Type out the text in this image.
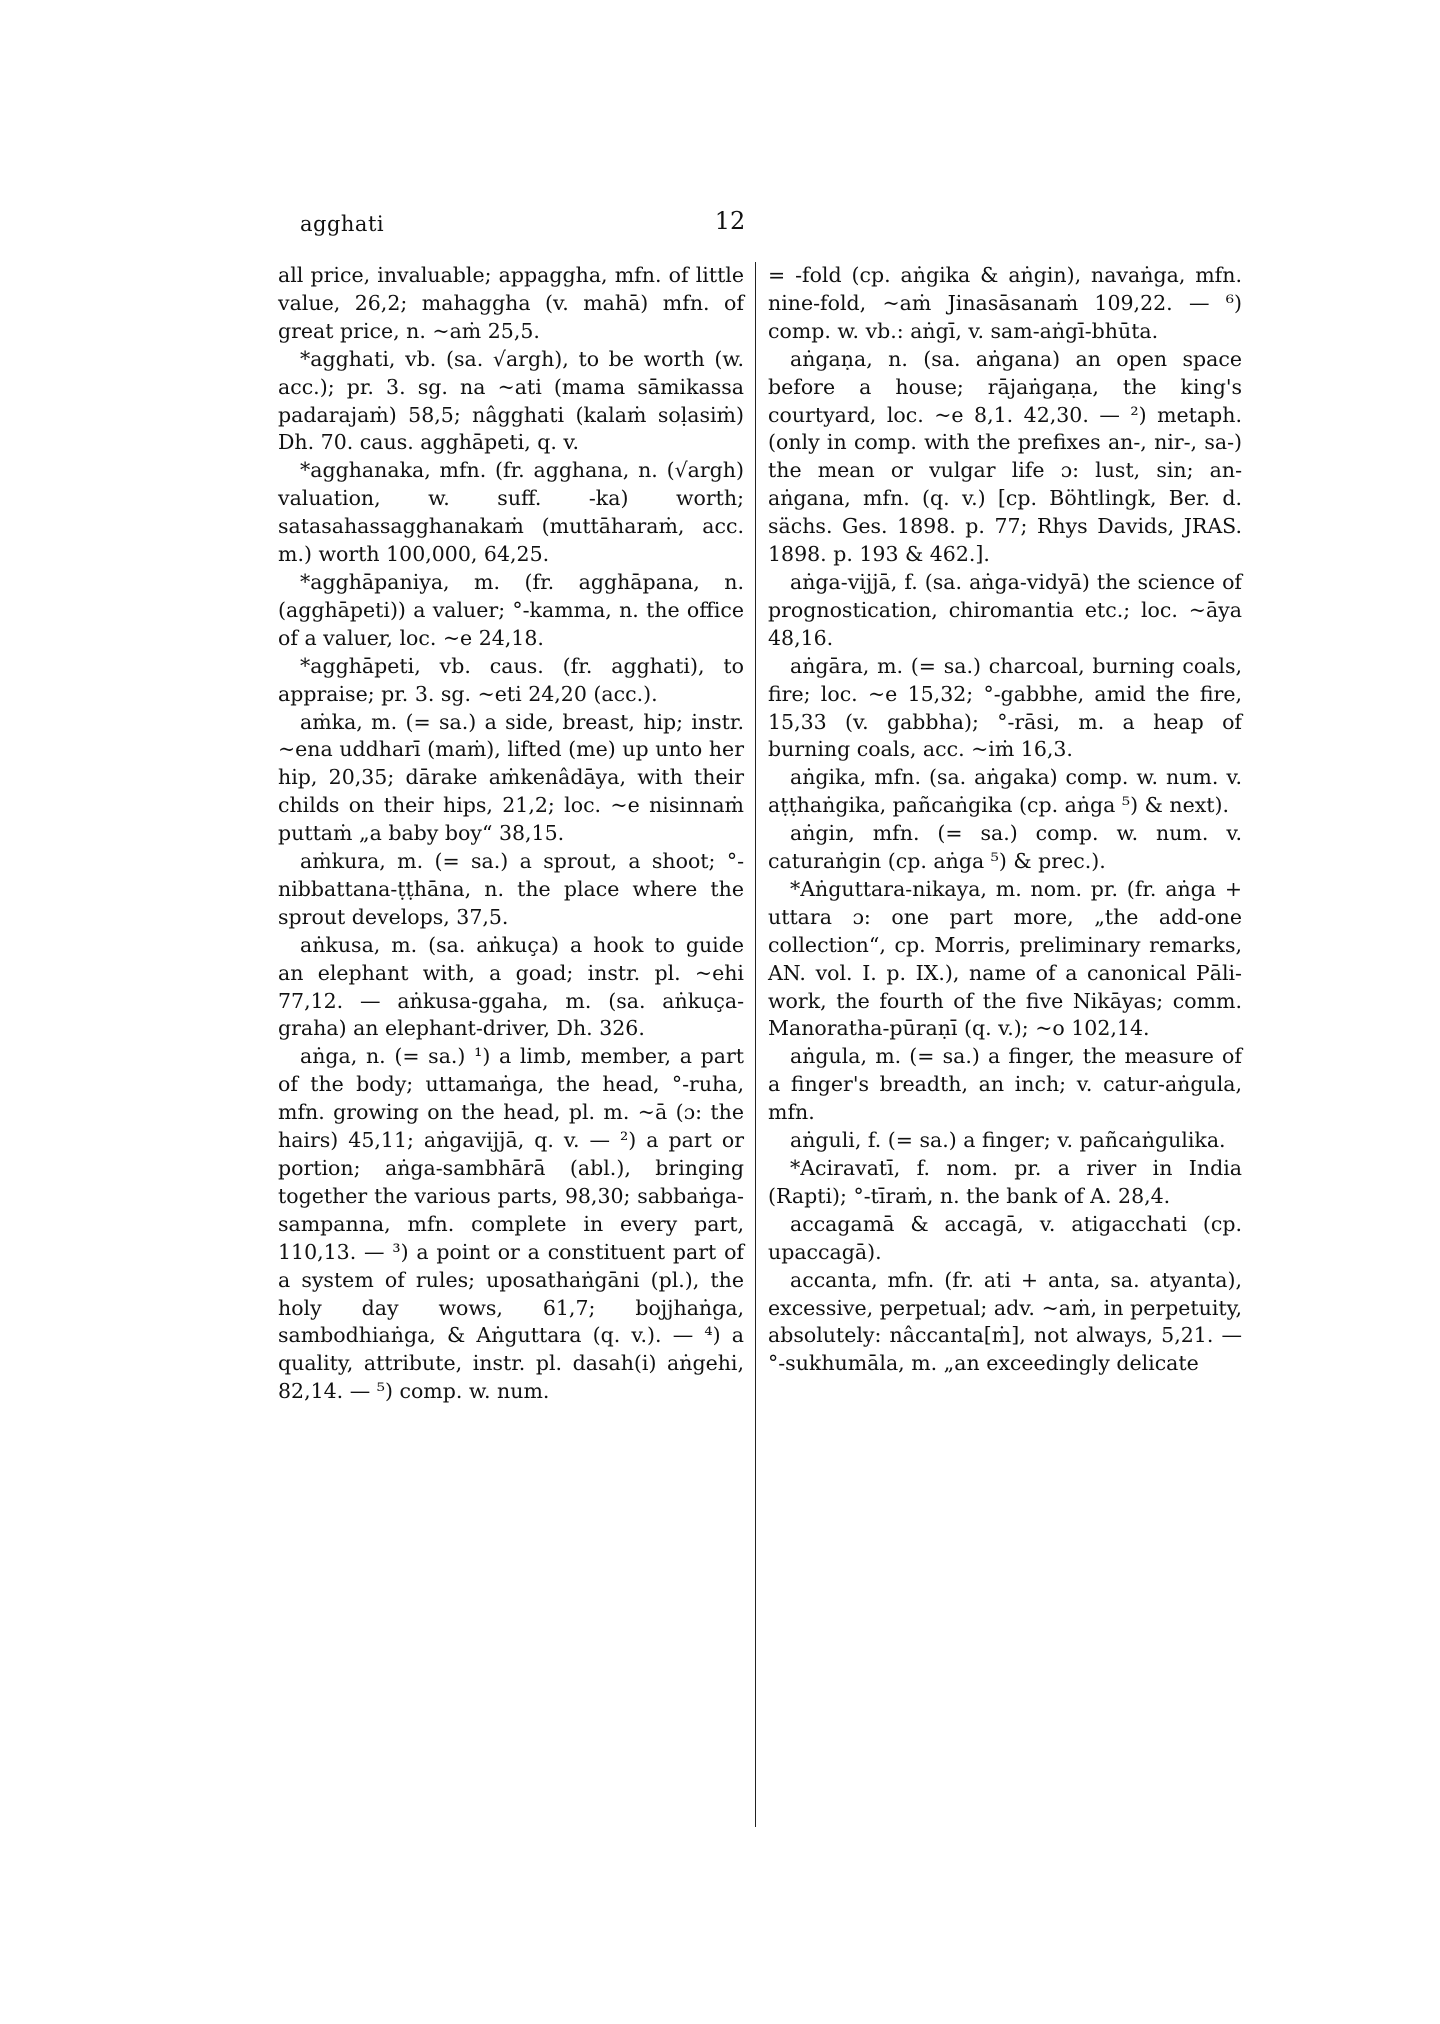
agghati	12

all price, invaluable; appaggha, mfn. of little value, 26,2; mahaggha (v. mahā) mfn. of great price, n. ~aṁ 25,5.

*agghati, vb. (sa. √argh), to be worth (w. acc.); pr. 3. sg. na ~ati (mama sāmikassa padarajaṁ) 58,5; nâgghati (kalaṁ soḷasiṁ) Dh. 70. caus. agghāpeti, q. v.

*agghanaka, mfn. (fr. agghana, n. (√argh) valuation, w. suff. -ka) worth; satasahassagghanakaṁ (muttāharaṁ, acc. m.) worth 100,000, 64,25.

*agghāpaniya, m. (fr. agghāpana, n. (agghāpeti)) a valuer; °-kamma, n. the office of a valuer, loc. ~e 24,18.

*agghāpeti, vb. caus. (fr. agghati), to appraise; pr. 3. sg. ~eti 24,20 (acc.).

aṁka, m. (= sa.) a side, breast, hip; instr. ~ena uddharī (maṁ), lifted (me) up unto her hip, 20,35; dārake aṁkenâdāya, with their childs on their hips, 21,2; loc. ~e nisinnaṁ puttaṁ „a baby boy“ 38,15.

aṁkura, m. (= sa.) a sprout, a shoot; °-nibbattana-ṭṭhāna, n. the place where the sprout develops, 37,5.

aṅkusa, m. (sa. aṅkuça) a hook to guide an elephant with, a goad; instr. pl. ~ehi 77,12. — aṅkusa-ggaha, m. (sa. aṅkuça-graha) an elephant-driver, Dh. 326.

aṅga, n. (= sa.) ¹) a limb, member, a part of the body; uttamaṅga, the head, °-ruha, mfn. growing on the head, pl. m. ~ā (ɔ: the hairs) 45,11; aṅgavijjā, q. v. — ²) a part or portion; aṅga-sambhārā (abl.), bringing together the various parts, 98,30; sabbaṅga-sampanna, mfn. complete in every part, 110,13. — ³) a point or a constituent part of a system of rules; uposathaṅgāni (pl.), the holy day wows, 61,7; bojjhaṅga, sambodhiaṅga, & Aṅguttara (q. v.). — ⁴) a quality, attribute, instr. pl. dasah(i) aṅgehi, 82,14. — ⁵) comp. w. num.

= -fold (cp. aṅgika & aṅgin), navaṅga, mfn. nine-fold, ~aṁ Jinasāsanaṁ 109,22. — ⁶) comp. w. vb.: aṅgī, v. sam-aṅgī-bhūta.

aṅgaṇa, n. (sa. aṅgana) an open space before a house; rājaṅgaṇa, the king's courtyard, loc. ~e 8,1. 42,30. — ²) metaph. (only in comp. with the prefixes an-, nir-, sa-) the mean or vulgar life ɔ: lust, sin; an-aṅgana, mfn. (q. v.) [cp. Böhtlingk, Ber. d. sächs. Ges. 1898. p. 77; Rhys Davids, JRAS. 1898. p. 193 & 462.].

aṅga-vijjā, f. (sa. aṅga-vidyā) the science of prognostication, chiromantia etc.; loc. ~āya 48,16.

aṅgāra, m. (= sa.) charcoal, burning coals, fire; loc. ~e 15,32; °-gabbhe, amid the fire, 15,33 (v. gabbha); °-rāsi, m. a heap of burning coals, acc. ~iṁ 16,3.

aṅgika, mfn. (sa. aṅgaka) comp. w. num. v. aṭṭhaṅgika, pañcaṅgika (cp. aṅga ⁵) & next).

aṅgin, mfn. (= sa.) comp. w. num. v. caturaṅgin (cp. aṅga ⁵) & prec.).

*Aṅguttara-nikaya, m. nom. pr. (fr. aṅga + uttara ɔ: one part more, „the add-one collection“, cp. Morris, preliminary remarks, AN. vol. I. p. IX.), name of a canonical Pāli-work, the fourth of the five Nikāyas; comm. Manoratha-pūraṇī (q. v.); ~o 102,14.

aṅgula, m. (= sa.) a finger, the measure of a finger's breadth, an inch; v. catur-aṅgula, mfn.

aṅguli, f. (= sa.) a finger; v. pañcaṅgulika.

*Aciravatī, f. nom. pr. a river in India (Rapti); °-tīraṁ, n. the bank of A. 28,4.

accagamā & accagā, v. atigacchati (cp. upaccagā).

accanta, mfn. (fr. ati + anta, sa. atyanta), excessive, perpetual; adv. ~aṁ, in perpetuity, absolutely: nâccanta[ṁ], not always, 5,21. — °-sukhumāla, m. „an exceedingly delicate
